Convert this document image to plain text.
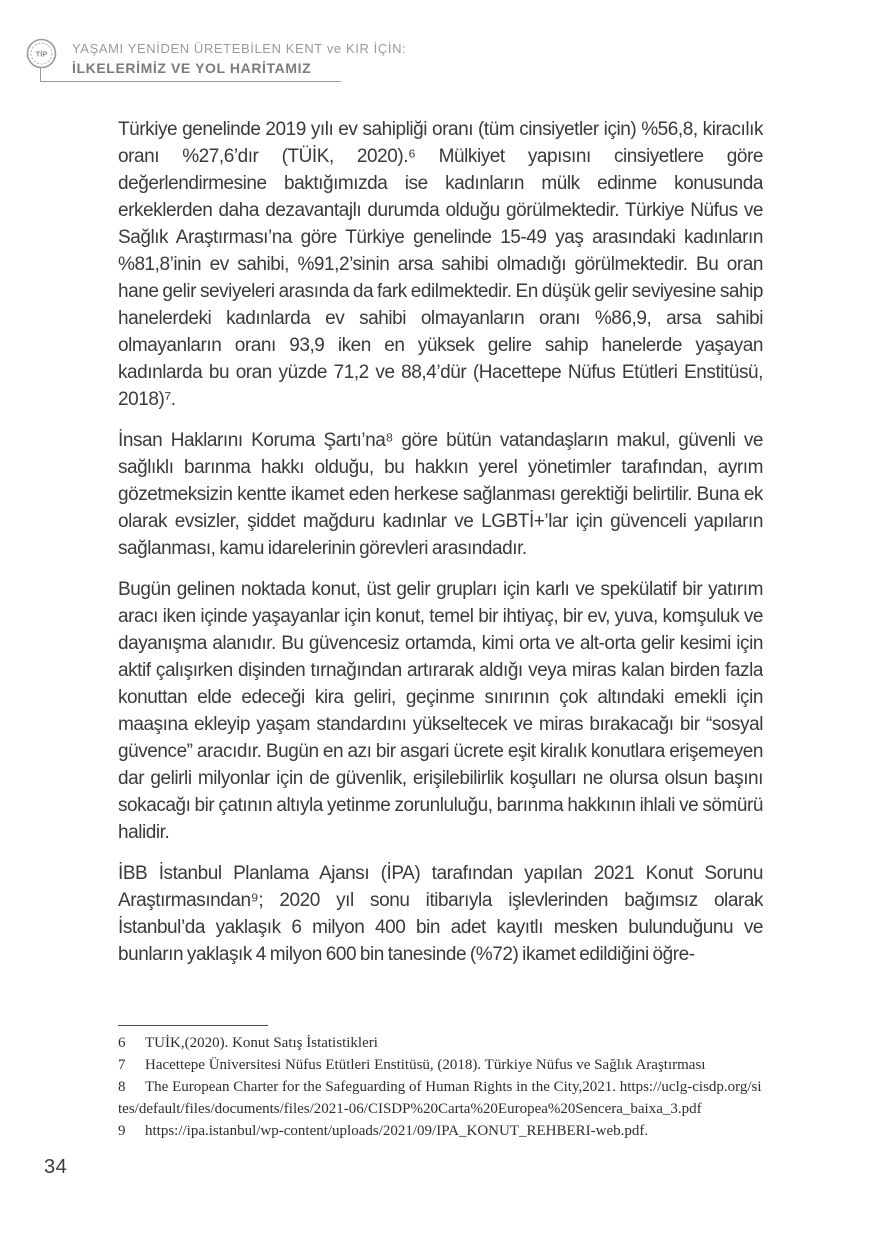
TİP YAŞAMI YENİDEN ÜRETEBİLEN KENT ve KIR İÇİN:
İLKELERİMİZ VE YOL HARİTAMIZ

Türkiye genelinde 2019 yılı ev sahipliği oranı (tüm cinsiyetler için) %56,8, kiracılık oranı %27,6’dır (TÜİK, 2020).⁶ Mülkiyet yapısını cinsiyetlere göre değerlendirmesine baktığımızda ise kadınların mülk edinme konusunda erkeklerden daha dezavantajlı durumda olduğu görülmektedir. Türkiye Nüfus ve Sağlık Araştırması’na göre Türkiye genelinde 15-49 yaş arasındaki kadınların %81,8’inin ev sahibi, %91,2’sinin arsa sahibi olmadığı görülmektedir. Bu oran hane gelir seviyeleri arasında da fark edilmektedir. En düşük gelir seviyesine sahip hanelerdeki kadınlarda ev sahibi olmayanların oranı %86,9, arsa sahibi olmayanların oranı 93,9 iken en yüksek gelire sahip hanelerde yaşayan kadınlarda bu oran yüzde 71,2 ve 88,4’dür (Hacettepe Nüfus Etütleri Enstitüsü, 2018)⁷.

İnsan Haklarını Koruma Şartı’na⁸ göre bütün vatandaşların makul, güvenli ve sağlıklı barınma hakkı olduğu, bu hakkın yerel yönetimler tarafından, ayrım gözetmeksizin kentte ikamet eden herkese sağlanması gerektiği belirtilir. Buna ek olarak evsizler, şiddet mağduru kadınlar ve LGBTİ+’lar için güvenceli yapıların sağlanması, kamu idarelerinin görevleri arasındadır.

Bugün gelinen noktada konut, üst gelir grupları için karlı ve spekülatif bir yatırım aracı iken içinde yaşayanlar için konut, temel bir ihtiyaç, bir ev, yuva, komşuluk ve dayanışma alanıdır. Bu güvencesiz ortamda, kimi orta ve alt-orta gelir kesimi için aktif çalışırken dişinden tırnağından artırarak aldığı veya miras kalan birden fazla konuttan elde edeceği kira geliri, geçinme sınırının çok altındaki emekli için maaşına ekleyip yaşam standardını yükseltecek ve miras bırakacağı bir “sosyal güvence” aracıdır. Bugün en azı bir asgari ücrete eşit kiralık konutlara erişemeyen dar gelirli milyonlar için de güvenlik, erişilebilirlik koşulları ne olursa olsun başını sokacağı bir çatının altıyla yetinme zorunluluğu, barınma hakkının ihlali ve sömürü halidir.

İBB İstanbul Planlama Ajansı (İPA) tarafından yapılan 2021 Konut Sorunu Araştırmasından⁹; 2020 yıl sonu itibarıyla işlevlerinden bağımsız olarak İstanbul’da yaklaşık 6 milyon 400 bin adet kayıtlı mesken bulunduğunu ve bunların yaklaşık 4 milyon 600 bin tanesinde (%72) ikamet edildiğini öğre-

6 TUİK,(2020). Konut Satış İstatistikleri
7 Hacettepe Üniversitesi Nüfus Etütleri Enstitüsü, (2018). Türkiye Nüfus ve Sağlık Araştırması
8 The European Charter for the Safeguarding of Human Rights in the City,2021. https://uclg-cisdp.org/sites/default/files/documents/files/2021-06/CISDP%20Carta%20Europea%20Sencera_baixa_3.pdf
9 https://ipa.istanbul/wp-content/uploads/2021/09/IPA_KONUT_REHBERI-web.pdf.
34
